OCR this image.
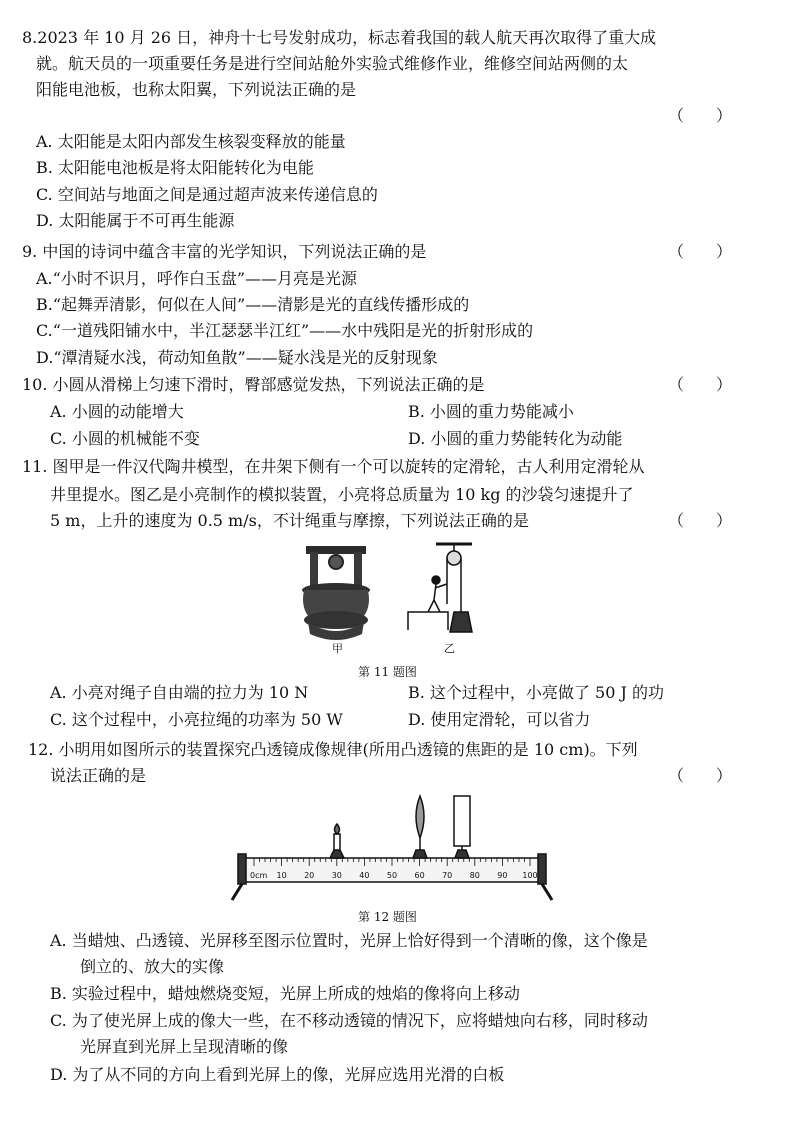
8.2023 年 10 月 26 日，神舟十七号发射成功，标志着我国的载人航天再次取得了重大成
就。航天员的一项重要任务是进行空间站舱外实验式维修作业，维修空间站两侧的太
阳能电池板，也称太阳翼，下列说法正确的是
（　　）
A. 太阳能是太阳内部发生核裂变释放的能量
B. 太阳能电池板是将太阳能转化为电能
C. 空间站与地面之间是通过超声波来传递信息的
D. 太阳能属于不可再生能源
9. 中国的诗词中蕴含丰富的光学知识，下列说法正确的是	（　　）
A.“小时不识月，呼作白玉盘”——月亮是光源
B.“起舞弄清影，何似在人间”——清影是光的直线传播形成的
C.“一道残阳铺水中，半江瑟瑟半江红”——水中残阳是光的折射形成的
D.“潭清疑水浅，荷动知鱼散”——疑水浅是光的反射现象
10. 小圆从滑梯上匀速下滑时，臀部感觉发热，下列说法正确的是	（　　）
A. 小圆的动能增大	B. 小圆的重力势能减小
C. 小圆的机械能不变	D. 小圆的重力势能转化为动能
11. 图甲是一件汉代陶井模型，在井架下侧有一个可以旋转的定滑轮，古人利用定滑轮从
井里提水。图乙是小亮制作的模拟装置，小亮将总质量为 10 kg 的沙袋匀速提升了
5 m，上升的速度为 0.5 m/s，不计绳重与摩擦，下列说法正确的是	（　　）
甲	乙
第 11 题图
A. 小亮对绳子自由端的拉力为 10 N	B. 这个过程中，小亮做了 50 J 的功
C. 这个过程中，小亮拉绳的功率为 50 W	D. 使用定滑轮，可以省力
12. 小明用如图所示的装置探究凸透镜成像规律(所用凸透镜的焦距的是 10 cm)。下列
说法正确的是	（　　）
0cm 10 20 30 40 50 60 70 80 90 100
第 12 题图
A. 当蜡烛、凸透镜、光屏移至图示位置时，光屏上恰好得到一个清晰的像，这个像是
倒立的、放大的实像
B. 实验过程中，蜡烛燃烧变短，光屏上所成的烛焰的像将向上移动
C. 为了使光屏上成的像大一些，在不移动透镜的情况下，应将蜡烛向右移，同时移动
光屏直到光屏上呈现清晰的像
D. 为了从不同的方向上看到光屏上的像，光屏应选用光滑的白板
